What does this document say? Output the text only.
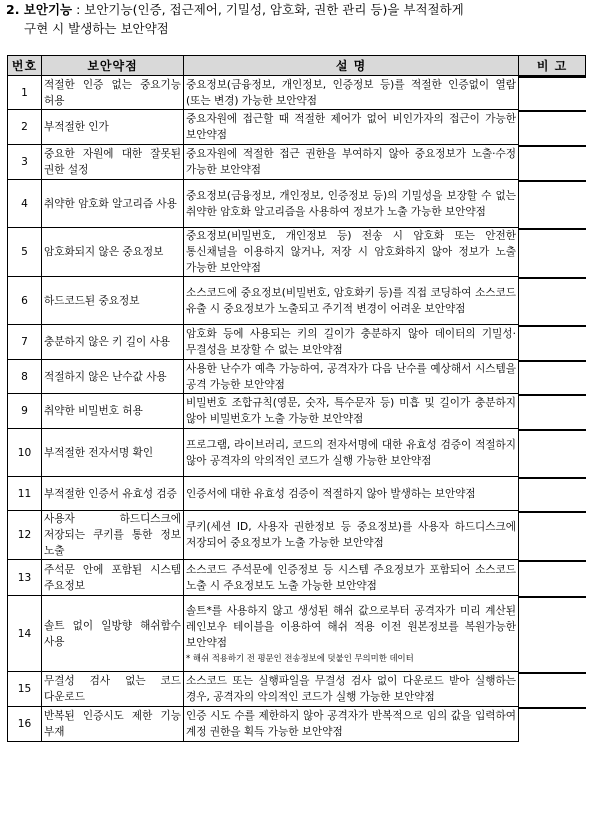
2. 보안기능 : 보안기능(인증, 접근제어, 기밀성, 암호화, 권한 관리 등)을 부적절하게
구현 시 발생하는 보안약점
번호	보안약점	설 명	비 고
1	적절한 인증 없는 중요기능 허용	중요정보(금융정보, 개인정보, 인증정보 등)를 적절한 인증없이 열람(또는 변경) 가능한 보안약점	

2	부적절한 인가	중요자원에 접근할 때 적절한 제어가 없어 비인가자의 접근이 가능한 보안약점	

3	중요한 자원에 대한 잘못된 권한 설정	중요자원에 적절한 접근 권한을 부여하지 않아 중요정보가 노출·수정 가능한 보안약점	

4	취약한 암호화 알고리즘 사용	중요정보(금융정보, 개인정보, 인증정보 등)의 기밀성을 보장할 수 없는 취약한 암호화 알고리즘을 사용하여 정보가 노출 가능한 보안약점	

5	암호화되지 않은 중요정보	중요정보(비밀번호, 개인정보 등) 전송 시 암호화 또는 안전한 통신채널을 이용하지 않거나, 저장 시 암호화하지 않아 정보가 노출 가능한 보안약점	

6	하드코드된 중요정보	소스코드에 중요정보(비밀번호, 암호화키 등)를 직접 코딩하여 소스코드 유출 시 중요정보가 노출되고 주기적 변경이 어려운 보안약점	

7	충분하지 않은 키 길이 사용	암호화 등에 사용되는 키의 길이가 충분하지 않아 데이터의 기밀성·무결성을 보장할 수 없는 보안약점	

8	적절하지 않은 난수값 사용	사용한 난수가 예측 가능하여, 공격자가 다음 난수를 예상해서 시스템을 공격 가능한 보안약점	

9	취약한 비밀번호 허용	비밀번호 조합규칙(영문, 숫자, 특수문자 등) 미흡 및 길이가 충분하지 않아 비밀번호가 노출 가능한 보안약점	

10	부적절한 전자서명 확인	프로그램, 라이브러리, 코드의 전자서명에 대한 유효성 검증이 적절하지 않아 공격자의 악의적인 코드가 실행 가능한 보안약점	

11	부적절한 인증서 유효성 검증	인증서에 대한 유효성 검증이 적절하지 않아 발생하는 보안약점	

12	사용자 하드디스크에 저장되는 쿠키를 통한 정보 노출	쿠키(세션 ID, 사용자 권한정보 등 중요정보)를 사용자 하드디스크에 저장되어 중요정보가 노출 가능한 보안약점	

13	주석문 안에 포함된 시스템 주요정보	소스코드 주석문에 인증정보 등 시스템 주요정보가 포함되어 소스코드 노출 시 주요정보도 노출 가능한 보안약점	

14	솔트 없이 일방향 해쉬함수 사용	솔트*를 사용하지 않고 생성된 해쉬 값으로부터 공격자가 미리 계산된 레인보우 테이블을 이용하여 해쉬 적용 이전 원본정보를 복원가능한 보안약점
* 해쉬 적용하기 전 평문인 전송정보에 덧붙인 무의미한 데이터	

15	무결성 검사 없는 코드 다운로드	소스코드 또는 실행파일을 무결성 검사 없이 다운로드 받아 실행하는 경우, 공격자의 악의적인 코드가 실행 가능한 보안약점	

16	반복된 인증시도 제한 기능 부재	인증 시도 수를 제한하지 않아 공격자가 반복적으로 임의 값을 입력하여 계정 권한을 획득 가능한 보안약점	
